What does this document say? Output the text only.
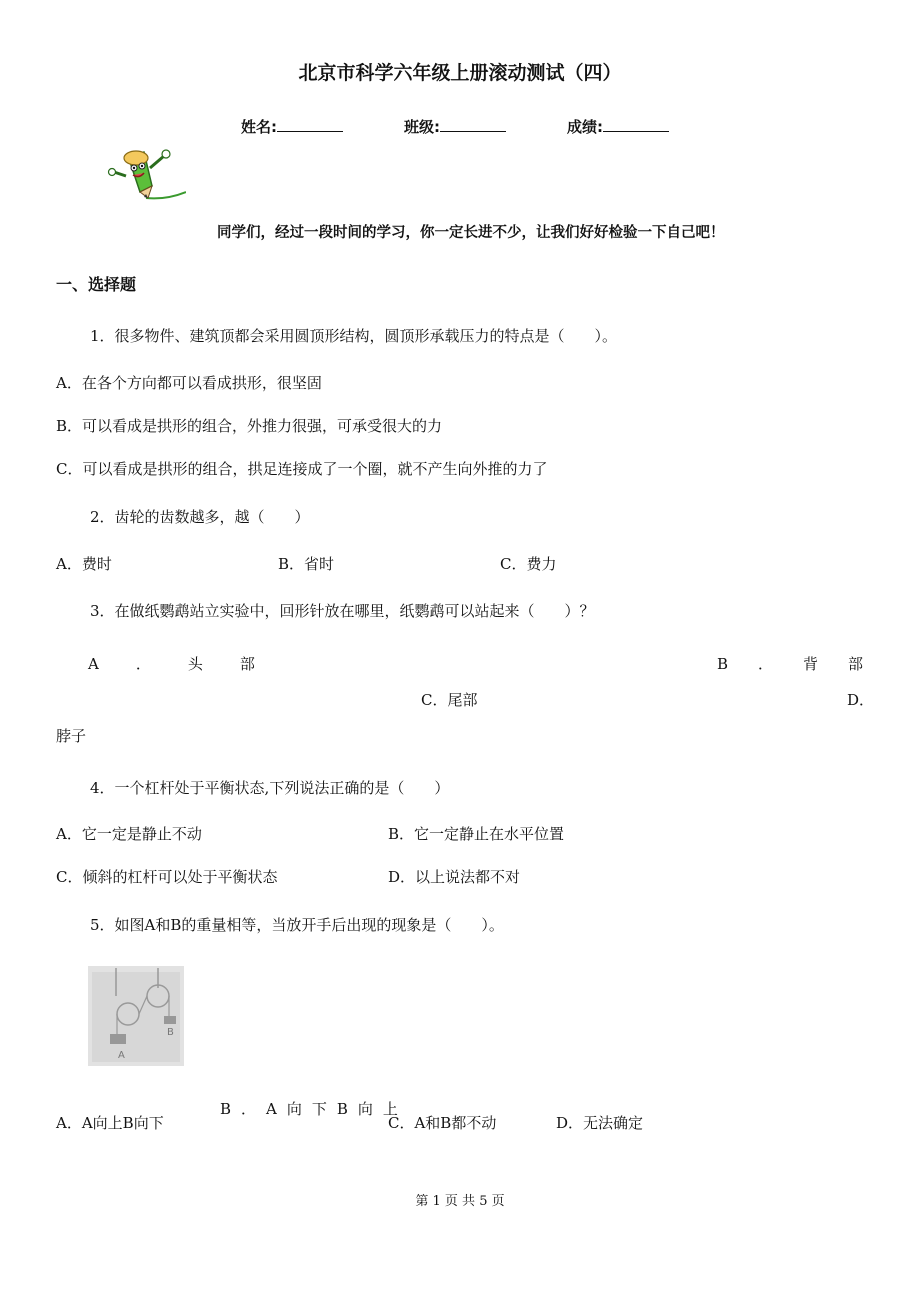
北京市科学六年级上册滚动测试（四）
姓名:	班级:	成绩:
同学们，经过一段时间的学习，你一定长进不少，让我们好好检验一下自己吧！
一、选择题
1．很多物件、建筑顶都会采用圆顶形结构，圆顶形承载压力的特点是（　　）。
A．在各个方向都可以看成拱形，很坚固
B．可以看成是拱形的组合，外推力很强，可承受很大的力
C．可以看成是拱形的组合，拱足连接成了一个圈，就不产生向外推的力了
2．齿轮的齿数越多，越（　　）
A．费时	B．省时	C．费力
3．在做纸鹦鹉站立实验中，回形针放在哪里，纸鹦鹉可以站起来（　　）？
A．头部	B．背部
C．尾部	D．
脖子
4．一个杠杆处于平衡状态,下列说法正确的是（　　）
A．它一定是静止不动	B．它一定静止在水平位置
C．倾斜的杠杆可以处于平衡状态	D．以上说法都不对
5．如图A和B的重量相等，当放开手后出现的现象是（　　）。
B
A
A．A向上B向下
B．A向下B向上
C．A和B都不动	D．无法确定
第 1 页 共 5 页
